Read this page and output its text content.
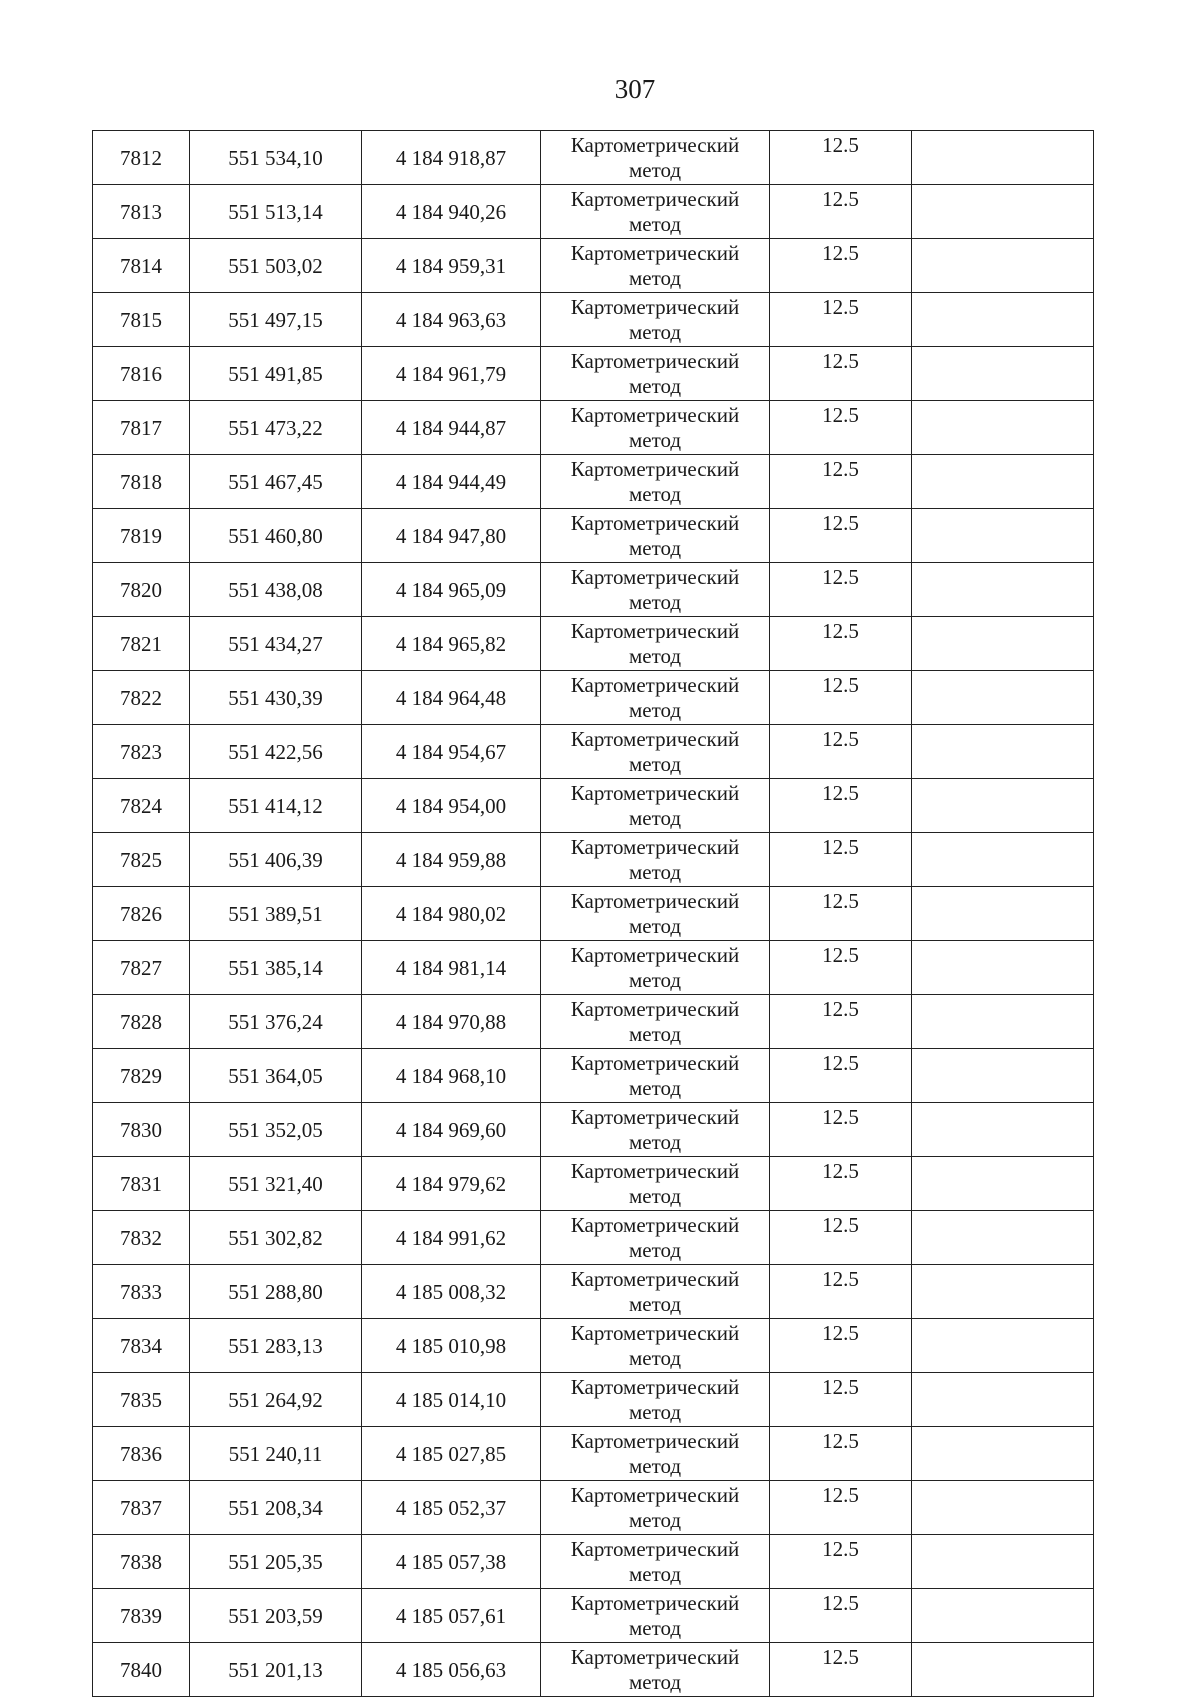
307
7812	551 534,10	4 184 918,87	Картометрический
метод	12.5	
7813	551 513,14	4 184 940,26	Картометрический
метод	12.5	
7814	551 503,02	4 184 959,31	Картометрический
метод	12.5	
7815	551 497,15	4 184 963,63	Картометрический
метод	12.5	
7816	551 491,85	4 184 961,79	Картометрический
метод	12.5	
7817	551 473,22	4 184 944,87	Картометрический
метод	12.5	
7818	551 467,45	4 184 944,49	Картометрический
метод	12.5	
7819	551 460,80	4 184 947,80	Картометрический
метод	12.5	
7820	551 438,08	4 184 965,09	Картометрический
метод	12.5	
7821	551 434,27	4 184 965,82	Картометрический
метод	12.5	
7822	551 430,39	4 184 964,48	Картометрический
метод	12.5	
7823	551 422,56	4 184 954,67	Картометрический
метод	12.5	
7824	551 414,12	4 184 954,00	Картометрический
метод	12.5	
7825	551 406,39	4 184 959,88	Картометрический
метод	12.5	
7826	551 389,51	4 184 980,02	Картометрический
метод	12.5	
7827	551 385,14	4 184 981,14	Картометрический
метод	12.5	
7828	551 376,24	4 184 970,88	Картометрический
метод	12.5	
7829	551 364,05	4 184 968,10	Картометрический
метод	12.5	
7830	551 352,05	4 184 969,60	Картометрический
метод	12.5	
7831	551 321,40	4 184 979,62	Картометрический
метод	12.5	
7832	551 302,82	4 184 991,62	Картометрический
метод	12.5	
7833	551 288,80	4 185 008,32	Картометрический
метод	12.5	
7834	551 283,13	4 185 010,98	Картометрический
метод	12.5	
7835	551 264,92	4 185 014,10	Картометрический
метод	12.5	
7836	551 240,11	4 185 027,85	Картометрический
метод	12.5	
7837	551 208,34	4 185 052,37	Картометрический
метод	12.5	
7838	551 205,35	4 185 057,38	Картометрический
метод	12.5	
7839	551 203,59	4 185 057,61	Картометрический
метод	12.5	
7840	551 201,13	4 185 056,63	Картометрический
метод	12.5	
